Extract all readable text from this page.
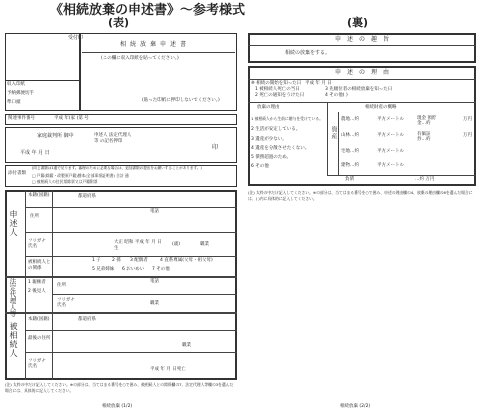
《相続放棄の申述書》～参考様式
(表)	(裏)
受付印
相続放棄申述書
(この欄に収入印紙を貼ってください。)
(貼った印紙に押印しないでください。)
収入印紙
予納郵便切手
準口頭
関連事件番号	平成 年(家 )第 号
家庭裁判所 御中
平成 年 月 日
申述人 法定代理人等 の記名押印
印
添付書類
(同じ書類は1通で足ります。審理のために必要な場合は、追加書類の提出をお願いすることがあります。)
□ 戸籍(除籍・改製原戸籍)謄本(全部事項証明書) 合計 通
□ 被相続人の住民票除票又は戸籍附票
申述人
法定代理人等
被相続人
本籍(国籍)	都道府県
住所
電話
フリガナ 氏名
大正 昭和 平成 年 月 日生
(歳)	職業
被相続人との関係
1 子 2 孫 3 配偶者	4 直系尊属(父母・祖父母)
5 兄弟姉妹 6 おいめい 7 その他
1 親権者
2 後見人
住所
電話
フリガナ 氏名	職業
本籍(国籍)	都道府県
最後の住所
職業
フリガナ 氏名
平成 年 月 日死亡
(注) 太枠の中だけ記入してください。※の部分は、当てはまる番号を○で囲み、被相続人との関係欄の7、法定代理人等欄の3を選んだ場合には、具体的に記入してください。
相続放棄 (1/2)
申述の趣旨
相続の放棄をする。
申述の理由
※ 相続の開始を知った日 平成 年 月 日
1 被相続人死亡の当日
2 死亡の通知をうけた日
3 先順位者の相続放棄を知った日
4 その他( )
放棄の理由	相続財産の概略
1 被相続人から生前に贈与を受けている。
2 生活が安定している。
3 遺産が少ない。
4 遺産を分散させたくない。
5 債務超過のため。
6 その他
資産
農地…約	平方メートル	現金 預貯金…約
万円
山林…約	平方メートル	有価証券…約
万円
宅地…約	平方メートル
建物…約	平方メートル
負債	…約 万円
(注) 太枠の中だけ記入してください。※の部分は、当てはまる番号を○で囲み、申述の理由欄の4、放棄の理由欄の6を選んだ場合には、( )内に具体的に記入してください。
相続放棄 (2/2)
